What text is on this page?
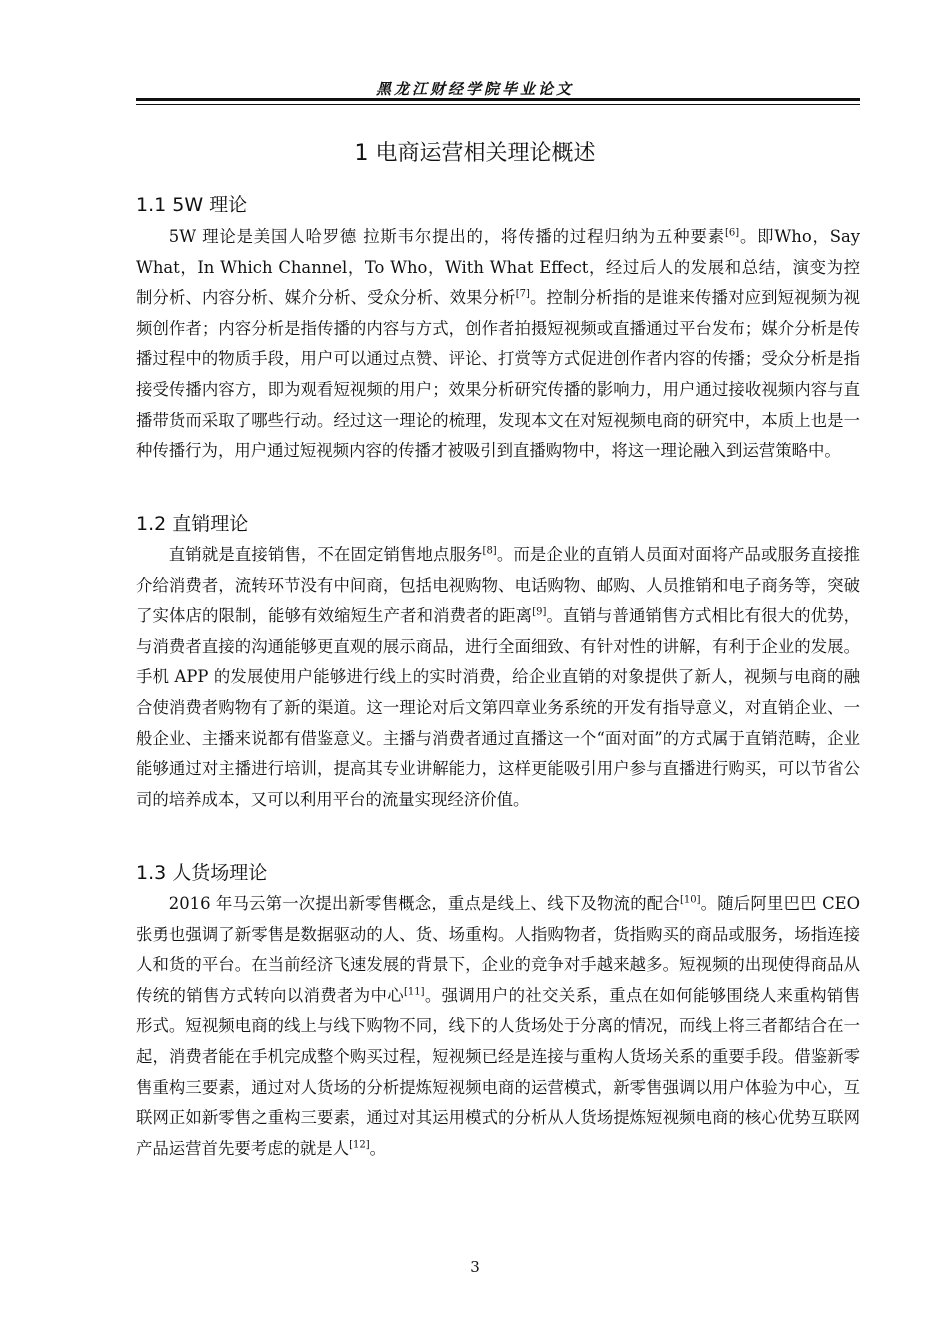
黑龙江财经学院毕业论文
1 电商运营相关理论概述
1.1 5W 理论

5W 理论是美国人哈罗德 拉斯韦尔提出的，将传播的过程归纳为五种要素[6]。即Who，Say What，In Which Channel，To Who，With What Effect，经过后人的发展和总结，演变为控制分析、内容分析、媒介分析、受众分析、效果分析[7]。控制分析指的是谁来传播对应到短视频为视频创作者；内容分析是指传播的内容与方式，创作者拍摄短视频或直播通过平台发布；媒介分析是传播过程中的物质手段，用户可以通过点赞、评论、打赏等方式促进创作者内容的传播；受众分析是指接受传播内容方，即为观看短视频的用户；效果分析研究传播的影响力，用户通过接收视频内容与直播带货而采取了哪些行动。经过这一理论的梳理，发现本文在对短视频电商的研究中，本质上也是一种传播行为，用户通过短视频内容的传播才被吸引到直播购物中，将这一理论融入到运营策略中。

1.2 直销理论

直销就是直接销售，不在固定销售地点服务[8]。而是企业的直销人员面对面将产品或服务直接推介给消费者，流转环节没有中间商，包括电视购物、电话购物、邮购、人员推销和电子商务等，突破了实体店的限制，能够有效缩短生产者和消费者的距离[9]。直销与普通销售方式相比有很大的优势，与消费者直接的沟通能够更直观的展示商品，进行全面细致、有针对性的讲解，有利于企业的发展。手机 APP 的发展使用户能够进行线上的实时消费，给企业直销的对象提供了新人，视频与电商的融合使消费者购物有了新的渠道。这一理论对后文第四章业务系统的开发有指导意义，对直销企业、一般企业、主播来说都有借鉴意义。主播与消费者通过直播这一个“面对面”的方式属于直销范畴，企业能够通过对主播进行培训，提高其专业讲解能力，这样更能吸引用户参与直播进行购买，可以节省公司的培养成本，又可以利用平台的流量实现经济价值。

1.3 人货场理论

2016 年马云第一次提出新零售概念，重点是线上、线下及物流的配合[10]。随后阿里巴巴 CEO 张勇也强调了新零售是数据驱动的人、货、场重构。人指购物者，货指购买的商品或服务，场指连接人和货的平台。在当前经济飞速发展的背景下，企业的竞争对手越来越多。短视频的出现使得商品从传统的销售方式转向以消费者为中心[11]。强调用户的社交关系，重点在如何能够围绕人来重构销售形式。短视频电商的线上与线下购物不同，线下的人货场处于分离的情况，而线上将三者都结合在一起，消费者能在手机完成整个购买过程，短视频已经是连接与重构人货场关系的重要手段。借鉴新零售重构三要素，通过对人货场的分析提炼短视频电商的运营模式，新零售强调以用户体验为中心，互联网正如新零售之重构三要素，通过对其运用模式的分析从人货场提炼短视频电商的核心优势互联网产品运营首先要考虑的就是人[12]。

3
